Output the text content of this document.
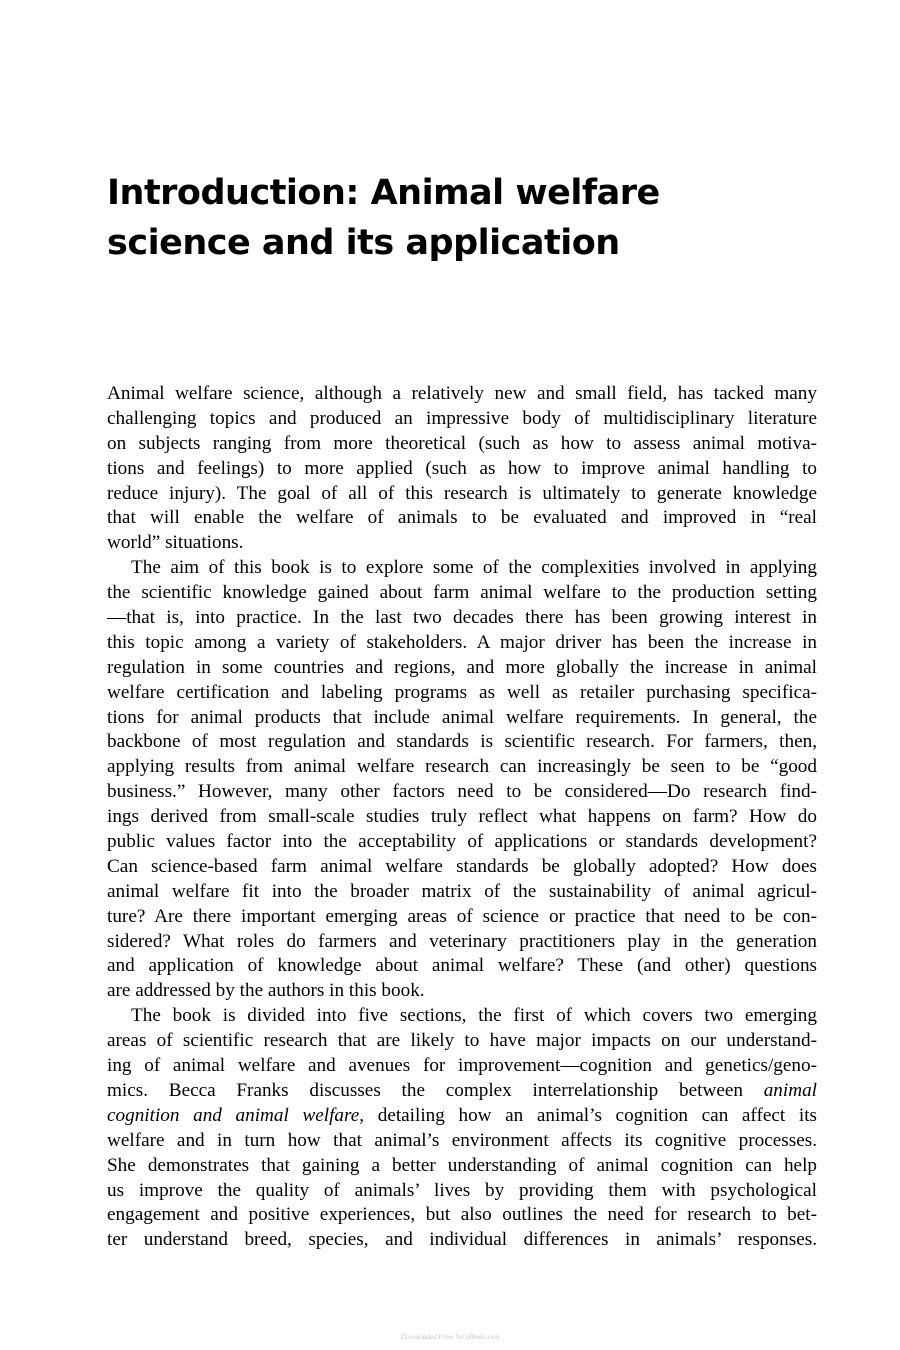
Introduction: Animal welfare
science and its application
Animal welfare science, although a relatively new and small field, has tacked many
challenging topics and produced an impressive body of multidisciplinary literature
on subjects ranging from more theoretical (such as how to assess animal motiva-
tions and feelings) to more applied (such as how to improve animal handling to
reduce injury). The goal of all of this research is ultimately to generate knowledge
that will enable the welfare of animals to be evaluated and improved in “real
world” situations.
The aim of this book is to explore some of the complexities involved in applying
the scientific knowledge gained about farm animal welfare to the production setting
—that is, into practice. In the last two decades there has been growing interest in
this topic among a variety of stakeholders. A major driver has been the increase in
regulation in some countries and regions, and more globally the increase in animal
welfare certification and labeling programs as well as retailer purchasing specifica-
tions for animal products that include animal welfare requirements. In general, the
backbone of most regulation and standards is scientific research. For farmers, then,
applying results from animal welfare research can increasingly be seen to be “good
business.” However, many other factors need to be considered—Do research find-
ings derived from small-scale studies truly reflect what happens on farm? How do
public values factor into the acceptability of applications or standards development?
Can science-based farm animal welfare standards be globally adopted? How does
animal welfare fit into the broader matrix of the sustainability of animal agricul-
ture? Are there important emerging areas of science or practice that need to be con-
sidered? What roles do farmers and veterinary practitioners play in the generation
and application of knowledge about animal welfare? These (and other) questions
are addressed by the authors in this book.
The book is divided into five sections, the first of which covers two emerging
areas of scientific research that are likely to have major impacts on our understand-
ing of animal welfare and avenues for improvement—cognition and genetics/geno-
mics. Becca Franks discusses the complex interrelationship between animal
cognition and animal welfare, detailing how an animal’s cognition can affect its
welfare and in turn how that animal’s environment affects its cognitive processes.
She demonstrates that gaining a better understanding of animal cognition can help
us improve the quality of animals’ lives by providing them with psychological
engagement and positive experiences, but also outlines the need for research to bet-
ter understand breed, species, and individual differences in animals’ responses.
Downloaded From Vet eBooks.com
